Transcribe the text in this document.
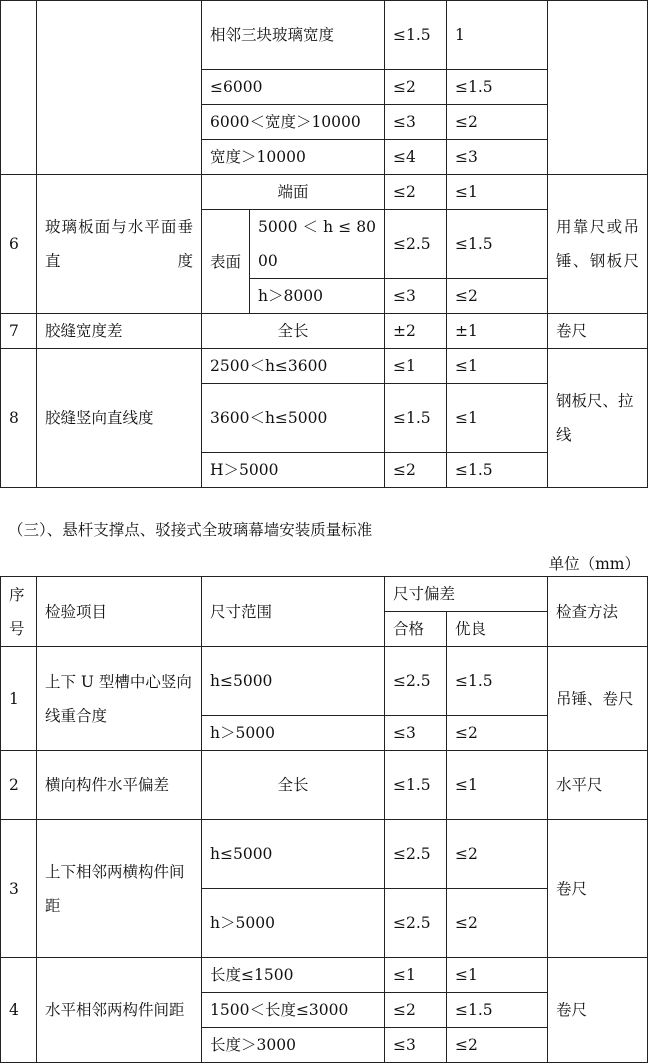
		相邻三块玻璃宽度		≤1.5	1	
		≤6000		≤2	≤1.5	
		6000＜宽度＞10000		≤3	≤2	
		宽度＞10000		≤4	≤3	
6	玻璃板面与水平面垂直度	端面		≤2	≤1	用靠尺或吊锤、钢板尺
		表面	5000 ＜ h ≤ 8000	≤2.5	≤1.5	
			h＞8000	≤3	≤2	
7	胶缝宽度差	全长		±2	±1	卷尺
8	胶缝竖向直线度	2500＜h≤3600		≤1	≤1	钢板尺、拉线
		3600＜h≤5000		≤1.5	≤1	
		H＞5000		≤2	≤1.5	
（三）、悬杆支撑点、驳接式全玻璃幕墙安装质量标准
单位（mm）
序号	检验项目	尺寸范围	尺寸偏差		检查方法
			合格	优良	
1	上下 U 型槽中心竖向线重合度	h≤5000	≤2.5	≤1.5	吊锤、卷尺
		h＞5000	≤3	≤2	
2	横向构件水平偏差	全长	≤1.5	≤1	水平尺
3	上下相邻两横构件间距	h≤5000	≤2.5	≤2	卷尺
		h＞5000	≤2.5	≤2	
4	水平相邻两构件间距	长度≤1500	≤1	≤1	卷尺
		1500＜长度≤3000	≤2	≤1.5	
		长度＞3000	≤3	≤2	
